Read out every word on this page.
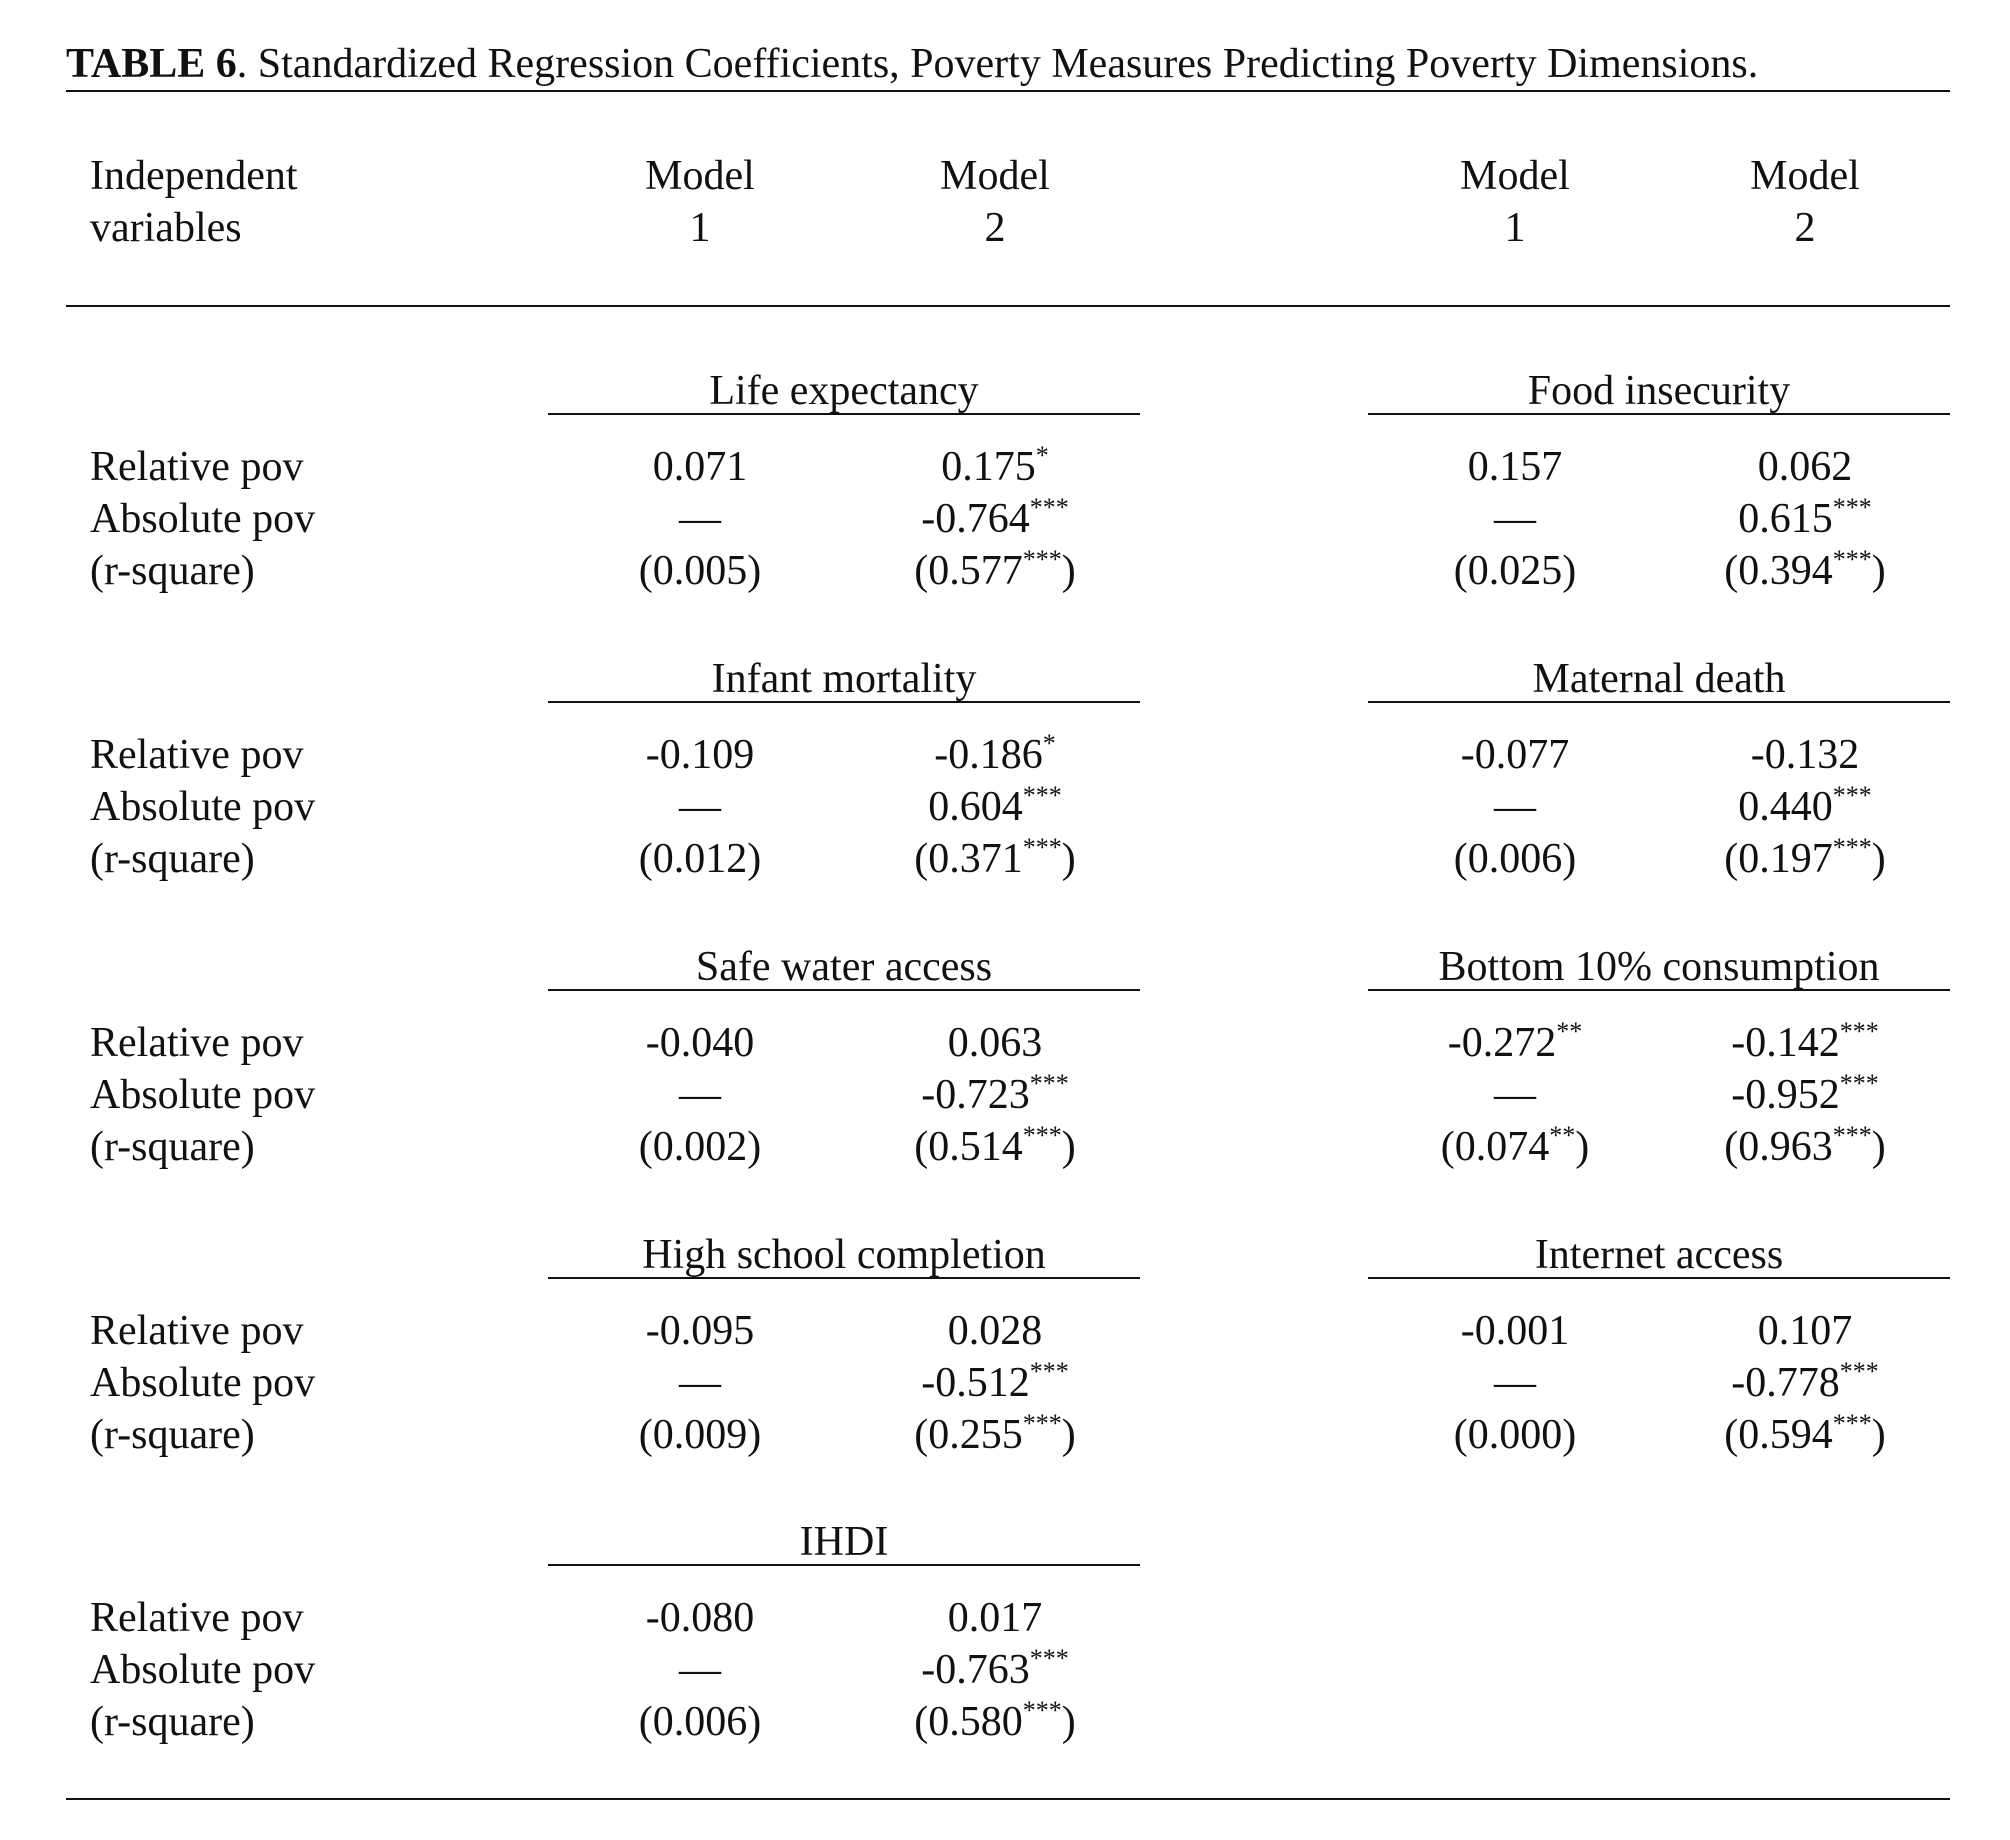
TABLE 6. Standardized Regression Coefficients, Poverty Measures Predicting Poverty Dimensions.
Independent
variables
Model
1
Model
2
Model
1
Model
2
Life expectancy
Relative pov
Absolute pov
(r-square)
0.071
—
(0.005)
0.175*
-0.764***
(0.577***)
Infant mortality
Relative pov
Absolute pov
(r-square)
-0.109
—
(0.012)
-0.186*
0.604***
(0.371***)
Safe water access
Relative pov
Absolute pov
(r-square)
-0.040
—
(0.002)
0.063
-0.723***
(0.514***)
High school completion
Relative pov
Absolute pov
(r-square)
-0.095
—
(0.009)
0.028
-0.512***
(0.255***)
IHDI
Relative pov
Absolute pov
(r-square)
-0.080
—
(0.006)
0.017
-0.763***
(0.580***)
Food insecurity
0.157
—
(0.025)
0.062
0.615***
(0.394***)
Maternal death
-0.077
—
(0.006)
-0.132
0.440***
(0.197***)
Bottom 10% consumption
-0.272**
—
(0.074**)
-0.142***
-0.952***
(0.963***)
Internet access
-0.001
—
(0.000)
0.107
-0.778***
(0.594***)
